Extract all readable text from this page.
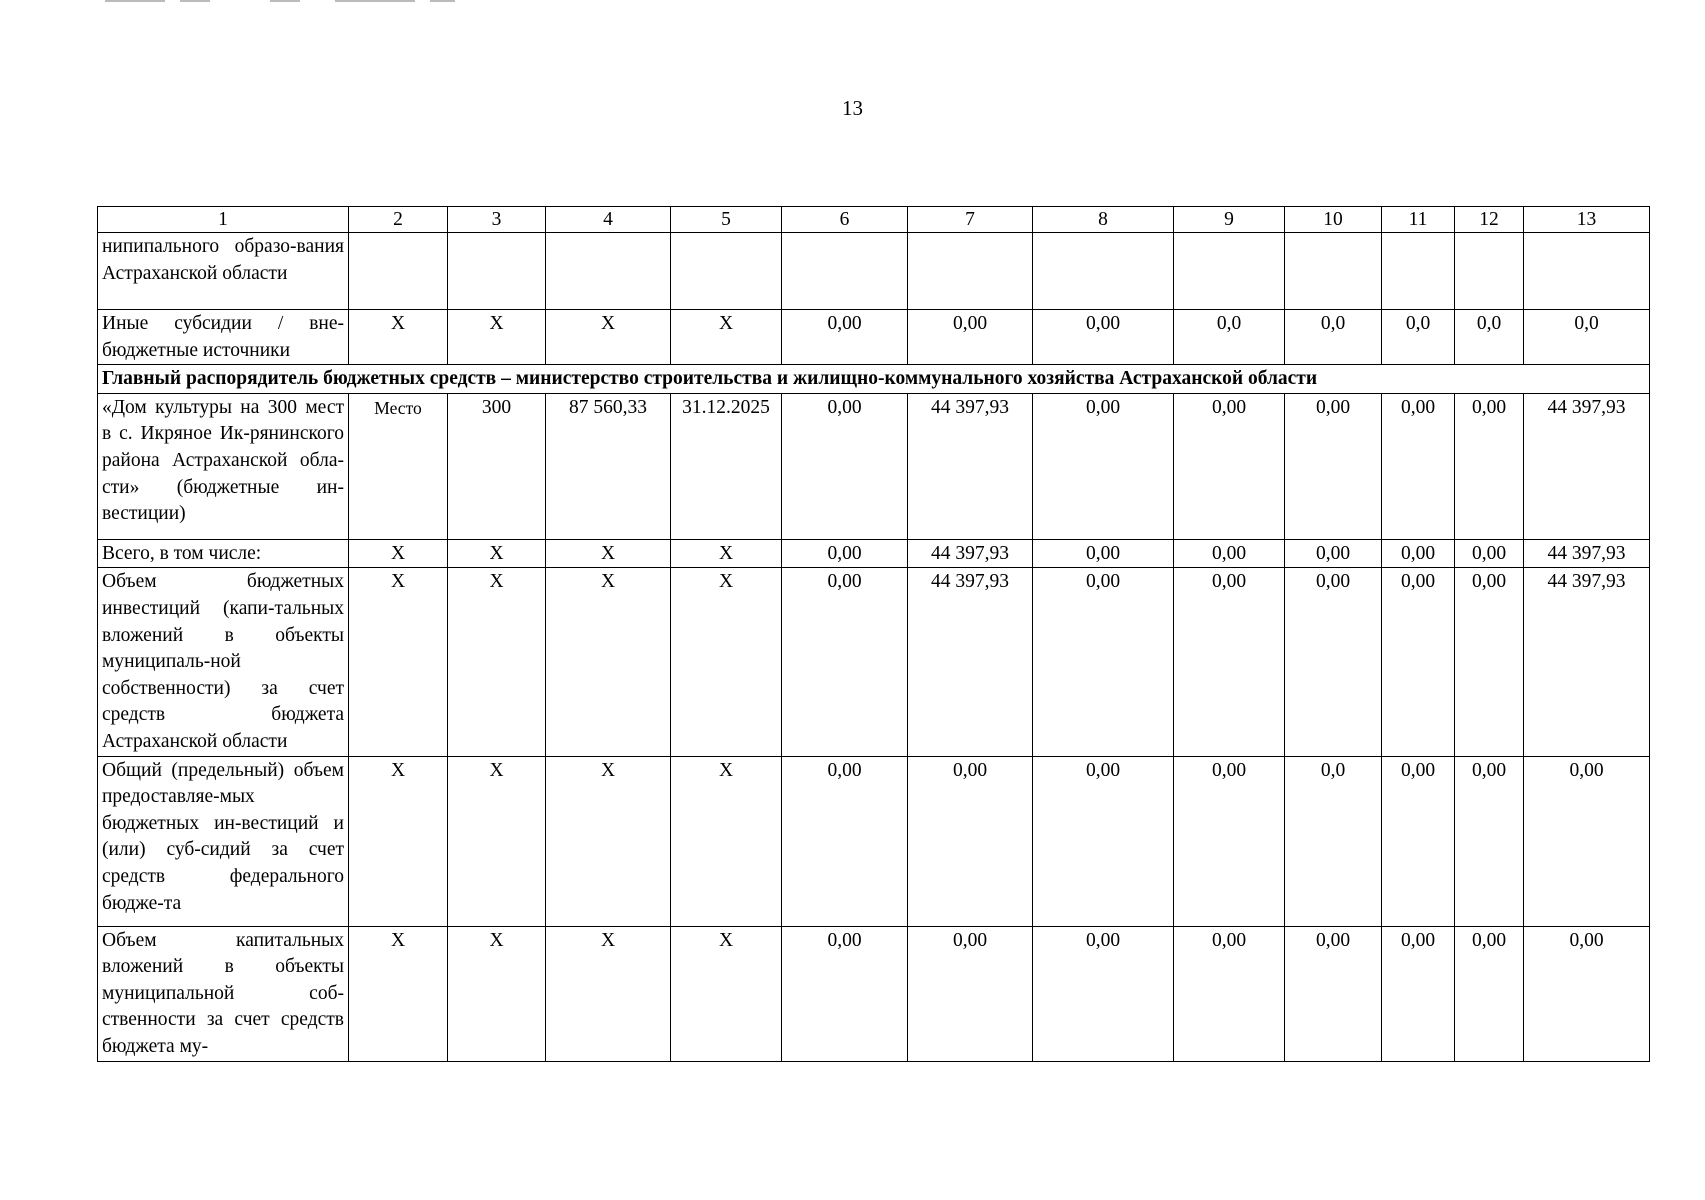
13
1	2	3	4	5	6	7	8	9	10	11	12	13
нипипального образо-вания Астраханской области												
Иные субсидии / вне-бюджетные источники	X	X	X	X	0,00	0,00	0,00	0,0	0,0	0,0	0,0	0,0
Главный распорядитель бюджетных средств – министерство строительства и жилищно-коммунального хозяйства Астраханской области												
«Дом культуры на 300 мест в с. Икряное Ик-рянинского района Астраханской обла-сти» (бюджетные ин-вестиции)	Место	300	87 560,33	31.12.2025	0,00	44 397,93	0,00	0,00	0,00	0,00	0,00	44 397,93
Всего, в том числе:	X	X	X	X	0,00	44 397,93	0,00	0,00	0,00	0,00	0,00	44 397,93
Объем бюджетных инвестиций (капи-тальных вложений в объекты муниципаль-ной собственности) за счет средств бюджета Астраханской области	X	X	X	X	0,00	44 397,93	0,00	0,00	0,00	0,00	0,00	44 397,93
Общий (предельный) объем предоставляе-мых бюджетных ин-вестиций и (или) суб-сидий за счет средств федерального бюдже-та	X	X	X	X	0,00	0,00	0,00	0,00	0,0	0,00	0,00	0,00
Объем капитальных вложений в объекты муниципальной соб-ственности за счет средств бюджета му-	X	X	X	X	0,00	0,00	0,00	0,00	0,00	0,00	0,00	0,00
